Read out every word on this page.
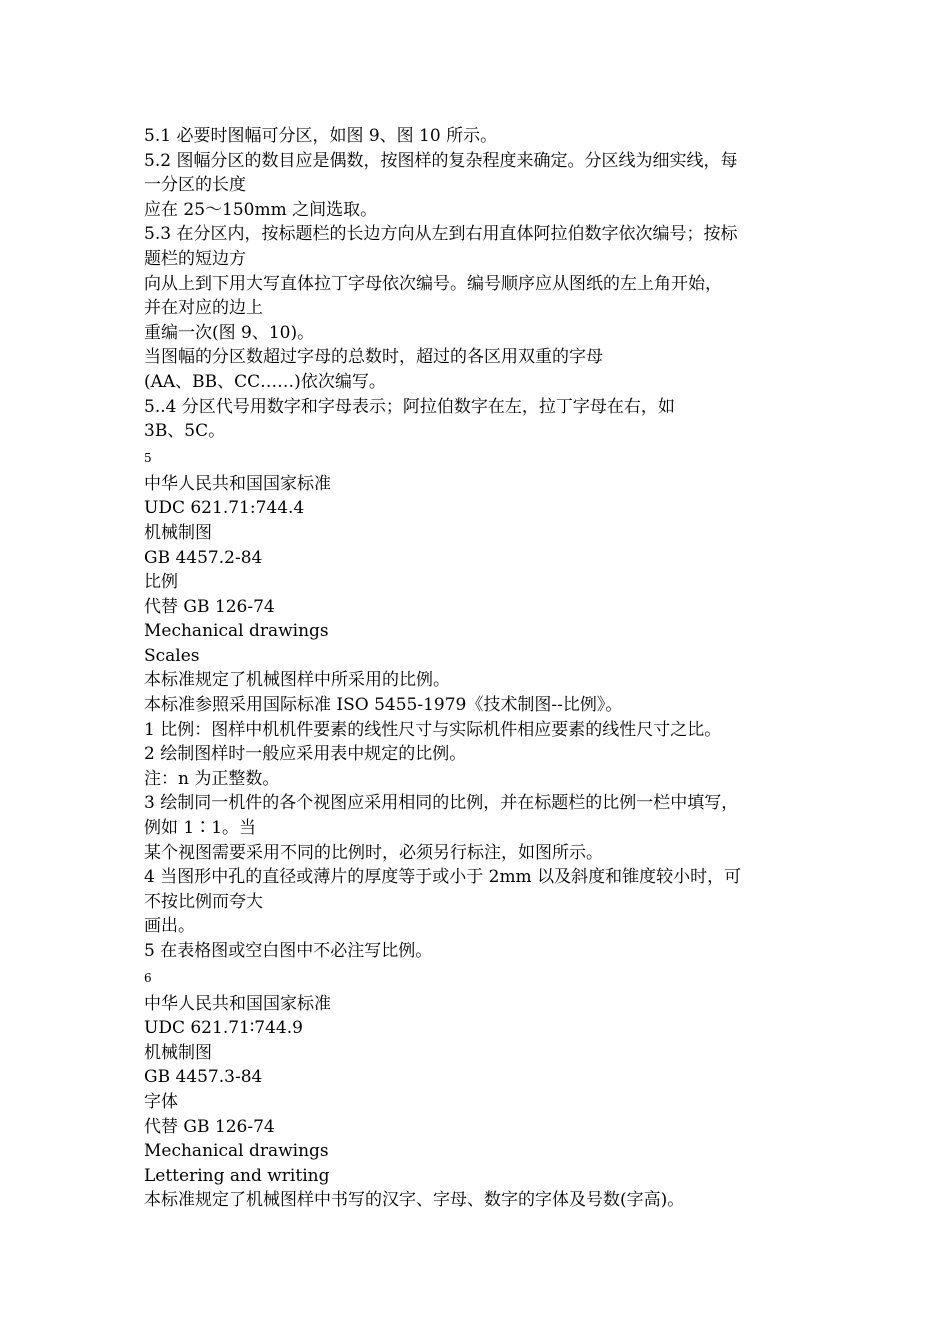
5.1 必要时图幅可分区，如图 9、图 10 所示。
5.2 图幅分区的数目应是偶数，按图样的复杂程度来确定。分区线为细实线，每
一分区的长度
应在 25～150mm 之间选取。
5.3 在分区内，按标题栏的长边方向从左到右用直体阿拉伯数字依次编号；按标
题栏的短边方
向从上到下用大写直体拉丁字母依次编号。编号顺序应从图纸的左上角开始，
并在对应的边上
重编一次(图 9、10)。
当图幅的分区数超过字母的总数时，超过的各区用双重的字母
(AA、BB、CC……)依次编写。
5..4 分区代号用数字和字母表示；阿拉伯数字在左，拉丁字母在右，如
3B、5C。
5
中华人民共和国国家标准
UDC 621.71:744.4
机械制图
GB 4457.2-84
比例
代替 GB 126-74
Mechanical drawings
Scales
本标准规定了机械图样中所采用的比例。
本标准参照采用国际标准 ISO 5455-1979《技术制图--比例》。
1 比例：图样中机机件要素的线性尺寸与实际机件相应要素的线性尺寸之比。
2 绘制图样时一般应采用表中规定的比例。
注：n 为正整数。
3 绘制同一机件的各个视图应采用相同的比例，并在标题栏的比例一栏中填写，
例如 1∶1。当
某个视图需要采用不同的比例时，必须另行标注，如图所示。
4 当图形中孔的直径或薄片的厚度等于或小于 2mm 以及斜度和锥度较小时，可
不按比例而夸大
画出。
5 在表格图或空白图中不必注写比例。
6
中华人民共和国国家标准
UDC 621.71∶744.9
机械制图
GB 4457.3-84
字体
代替 GB 126-74
Mechanical drawings
Lettering and writing
本标准规定了机械图样中书写的汉字、字母、数字的字体及号数(字高)。
